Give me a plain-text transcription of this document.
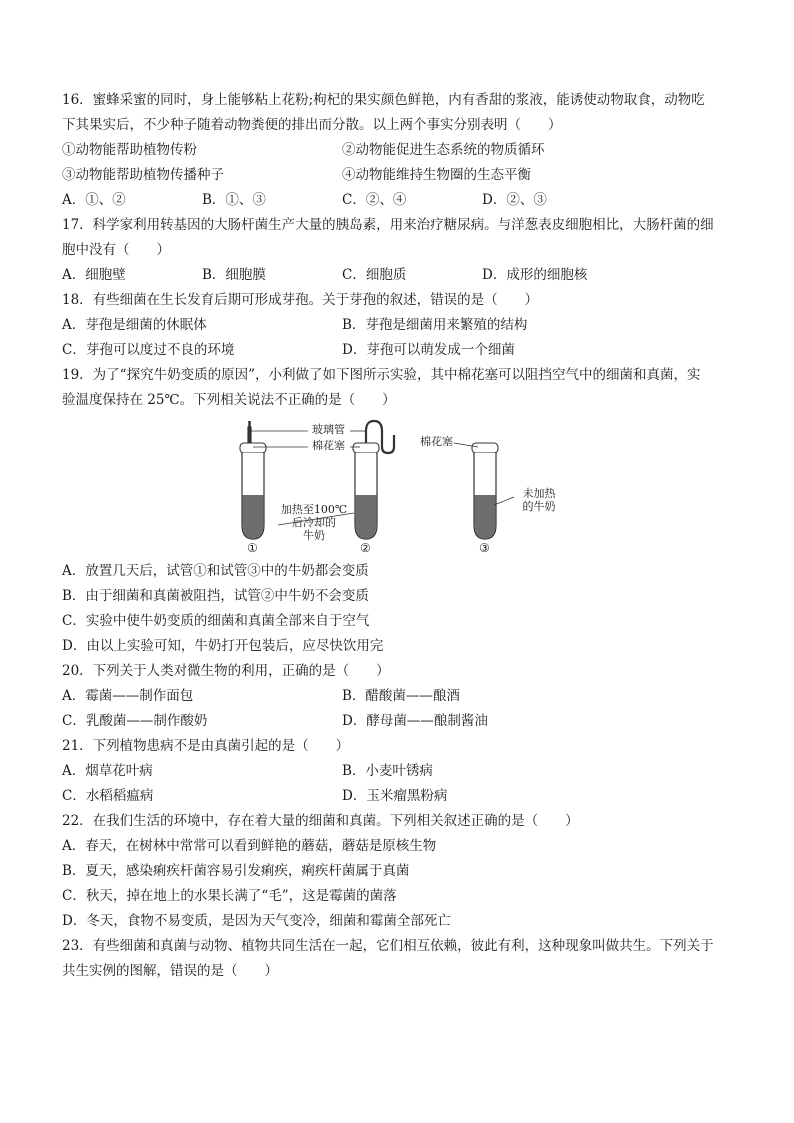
16．蜜蜂采蜜的同时，身上能够粘上花粉;枸杞的果实颜色鲜艳，内有香甜的浆液，能诱使动物取食，动物吃
下其果实后，不少种子随着动物粪便的排出而分散。以上两个事实分别表明（　　）
①动物能帮助植物传粉	②动物能促进生态系统的物质循环
③动物能帮助植物传播种子	④动物能维持生物圈的生态平衡
A．①、②	B．①、③	C．②、④	D．②、③
17．科学家利用转基因的大肠杆菌生产大量的胰岛素，用来治疗糖尿病。与洋葱表皮细胞相比，大肠杆菌的细
胞中没有（　　）
A．细胞壁	B．细胞膜	C．细胞质	D．成形的细胞核
18．有些细菌在生长发育后期可形成芽孢。关于芽孢的叙述，错误的是（　　）
A．芽孢是细菌的休眠体	B．芽孢是细菌用来繁殖的结构
C．芽孢可以度过不良的环境	D．芽孢可以萌发成一个细菌
19．为了“探究牛奶变质的原因”，小利做了如下图所示实验，其中棉花塞可以阻挡空气中的细菌和真菌，实
验温度保持在 25℃。下列相关说法不正确的是（　　）
玻璃管
棉花塞	棉花塞
加热至100℃
后冷却的
牛奶
未加热
的牛奶
①	②	③
A．放置几天后，试管①和试管③中的牛奶都会变质
B．由于细菌和真菌被阻挡，试管②中牛奶不会变质
C．实验中使牛奶变质的细菌和真菌全部来自于空气
D．由以上实验可知，牛奶打开包装后，应尽快饮用完
20．下列关于人类对微生物的利用，正确的是（　　）
A．霉菌——制作面包	B．醋酸菌——酿酒
C．乳酸菌——制作酸奶	D．酵母菌——酿制酱油
21．下列植物患病不是由真菌引起的是（　　）
A．烟草花叶病	B．小麦叶锈病
C．水稻稻瘟病	D．玉米瘤黑粉病
22．在我们生活的环境中，存在着大量的细菌和真菌。下列相关叙述正确的是（　　）
A．春天，在树林中常常可以看到鲜艳的蘑菇，蘑菇是原核生物
B．夏天，感染痢疾杆菌容易引发痢疾，痢疾杆菌属于真菌
C．秋天，掉在地上的水果长满了“毛”，这是霉菌的菌落
D．冬天，食物不易变质，是因为天气变冷，细菌和霉菌全部死亡
23．有些细菌和真菌与动物、植物共同生活在一起，它们相互依赖，彼此有利，这种现象叫做共生。下列关于
共生实例的图解，错误的是（　　）
